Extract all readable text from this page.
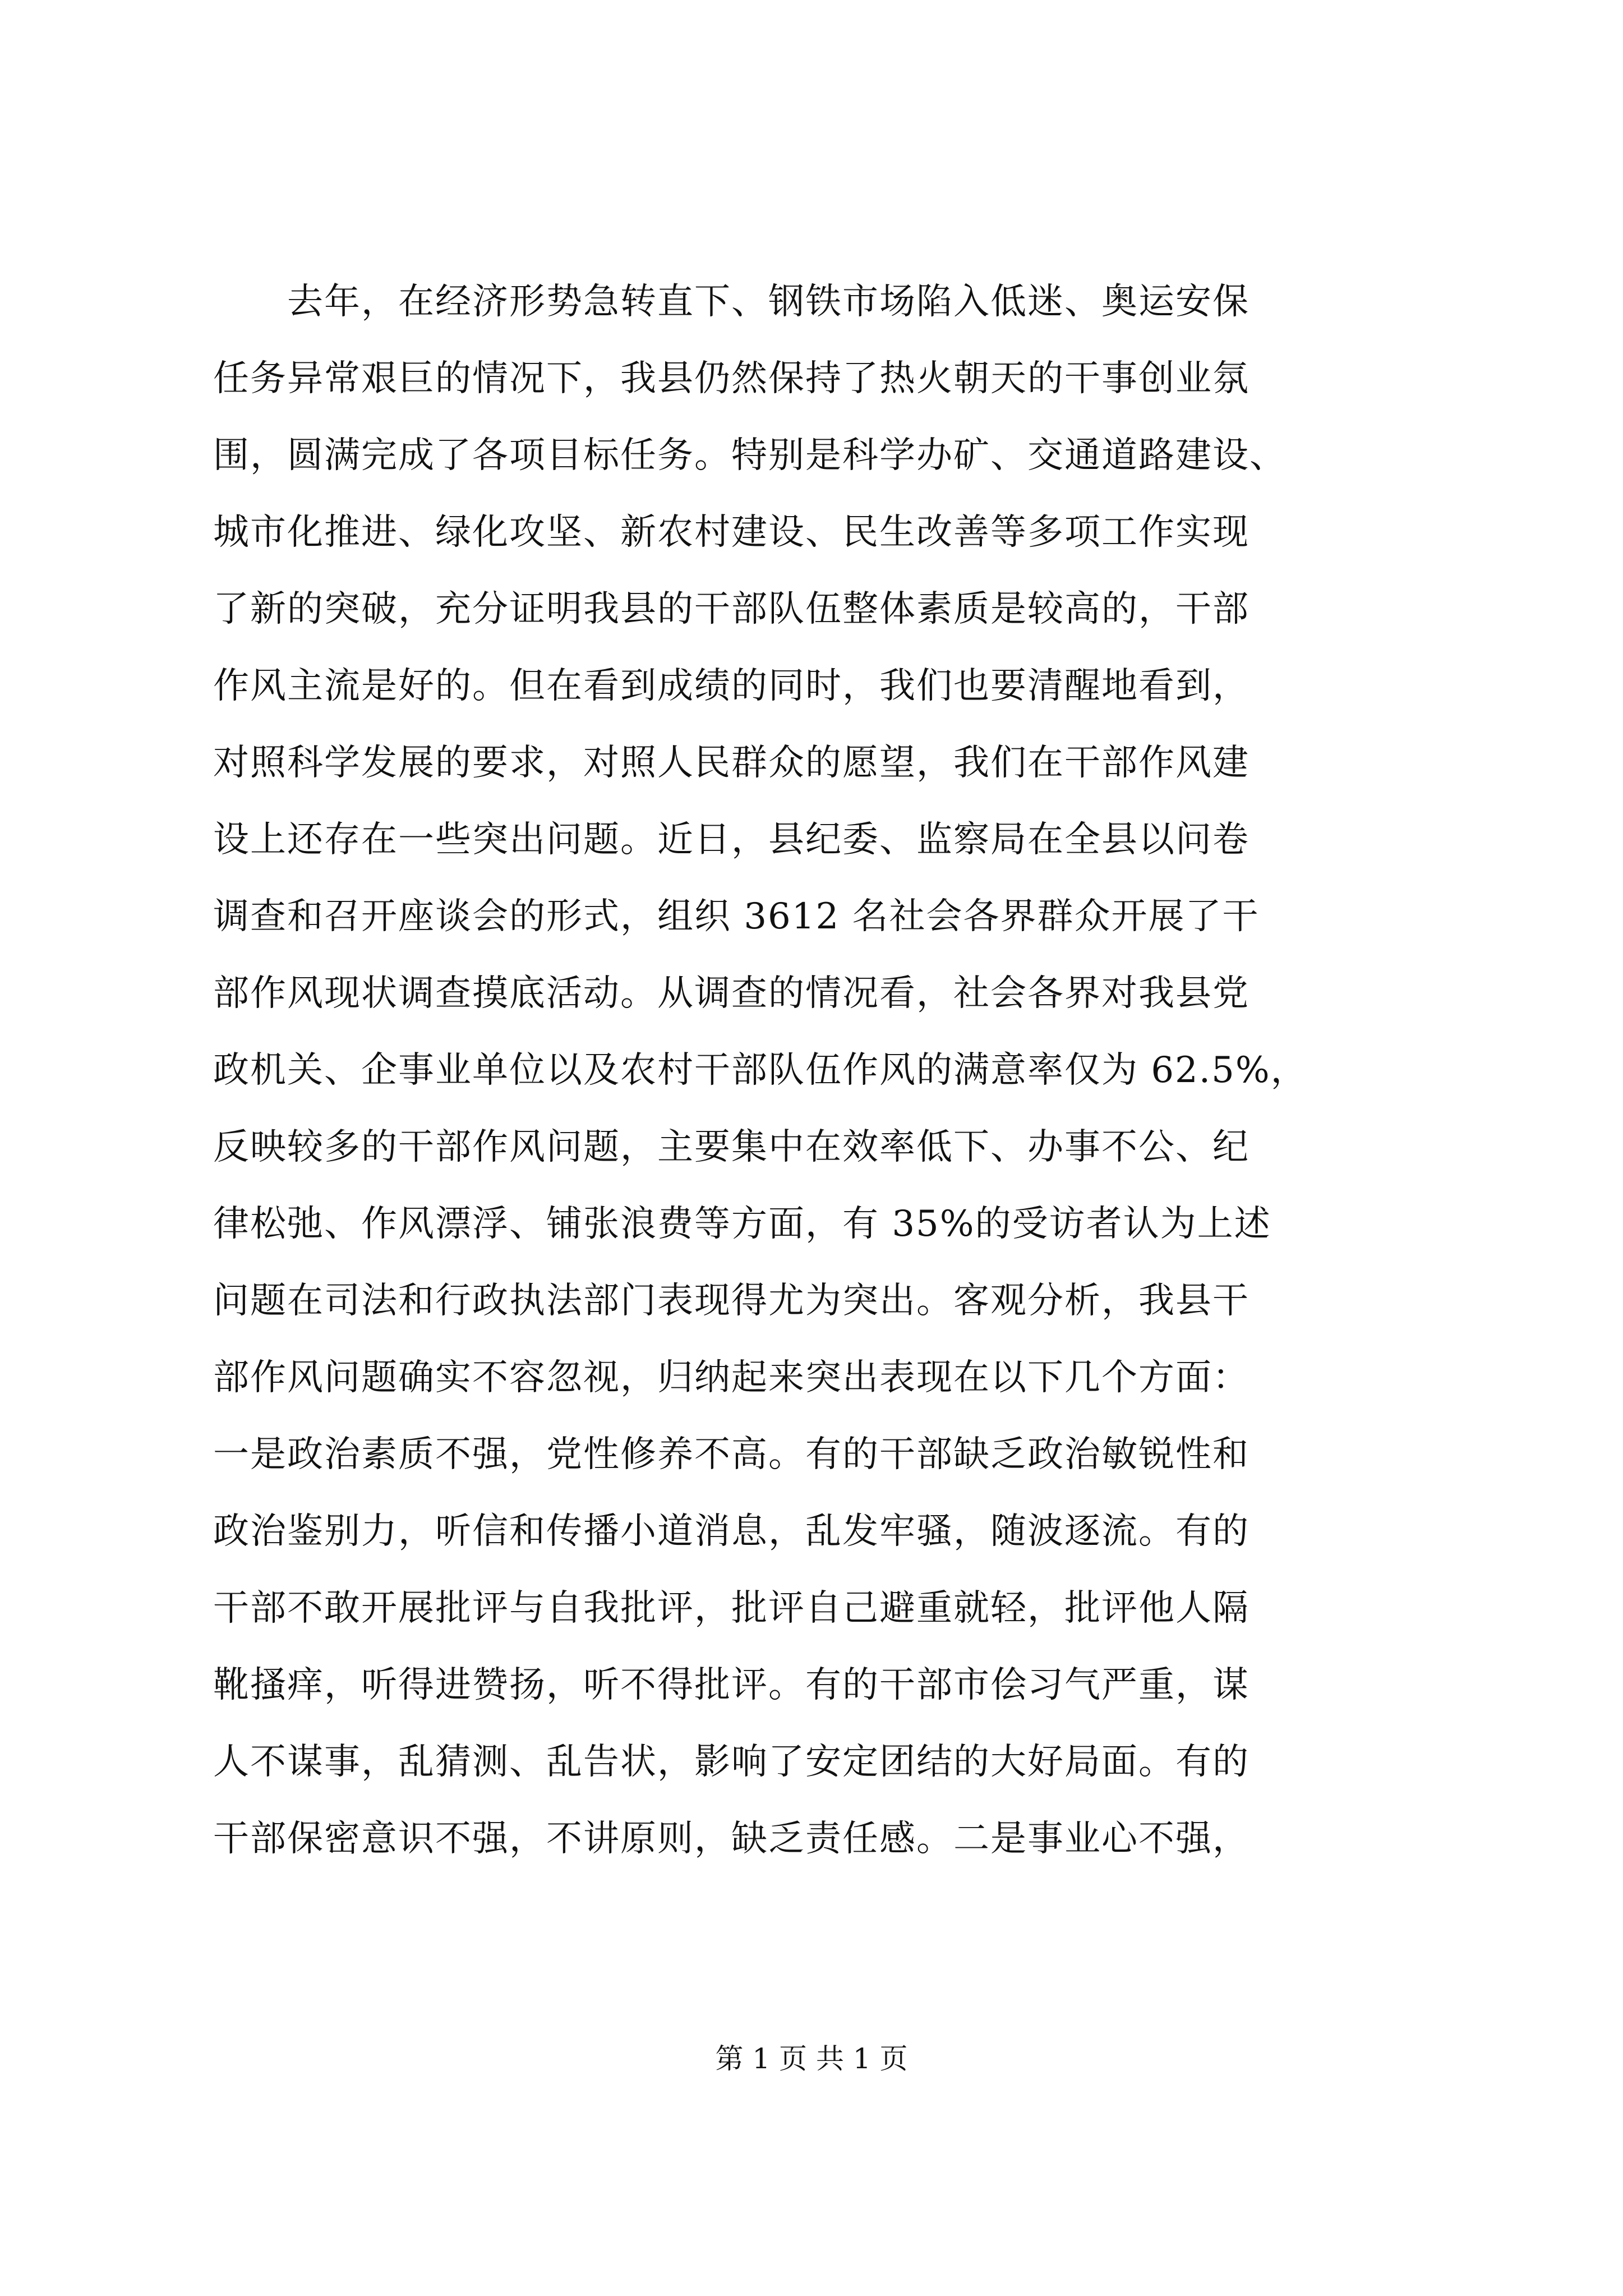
　　去年，在经济形势急转直下、钢铁市场陷入低迷、奥运安保
任务异常艰巨的情况下，我县仍然保持了热火朝天的干事创业氛
围，圆满完成了各项目标任务。特别是科学办矿、交通道路建设、
城市化推进、绿化攻坚、新农村建设、民生改善等多项工作实现
了新的突破，充分证明我县的干部队伍整体素质是较高的，干部
作风主流是好的。但在看到成绩的同时，我们也要清醒地看到，
对照科学发展的要求，对照人民群众的愿望，我们在干部作风建
设上还存在一些突出问题。近日，县纪委、监察局在全县以问卷
调查和召开座谈会的形式，组织 3612 名社会各界群众开展了干
部作风现状调查摸底活动。从调查的情况看，社会各界对我县党
政机关、企事业单位以及农村干部队伍作风的满意率仅为 62.5%，
反映较多的干部作风问题，主要集中在效率低下、办事不公、纪
律松弛、作风漂浮、铺张浪费等方面，有 35%的受访者认为上述
问题在司法和行政执法部门表现得尤为突出。客观分析，我县干
部作风问题确实不容忽视，归纳起来突出表现在以下几个方面：
一是政治素质不强，党性修养不高。有的干部缺乏政治敏锐性和
政治鉴别力，听信和传播小道消息，乱发牢骚，随波逐流。有的
干部不敢开展批评与自我批评，批评自己避重就轻，批评他人隔
靴搔痒，听得进赞扬，听不得批评。有的干部市侩习气严重，谋
人不谋事，乱猜测、乱告状，影响了安定团结的大好局面。有的
干部保密意识不强，不讲原则，缺乏责任感。二是事业心不强，
第 1 页 共 1 页
